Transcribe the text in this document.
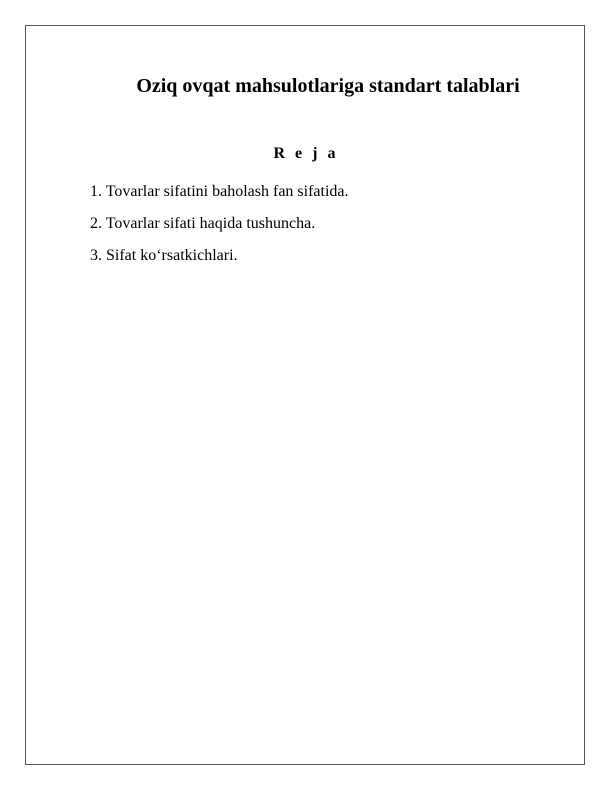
Oziq ovqat mahsulotlariga standart talablari
R e j a
1. Tovarlar sifatini baholash fan sifatida.
2. Tovarlar sifati haqida tushuncha.
3. Sifat ko‘rsatkichlari.
